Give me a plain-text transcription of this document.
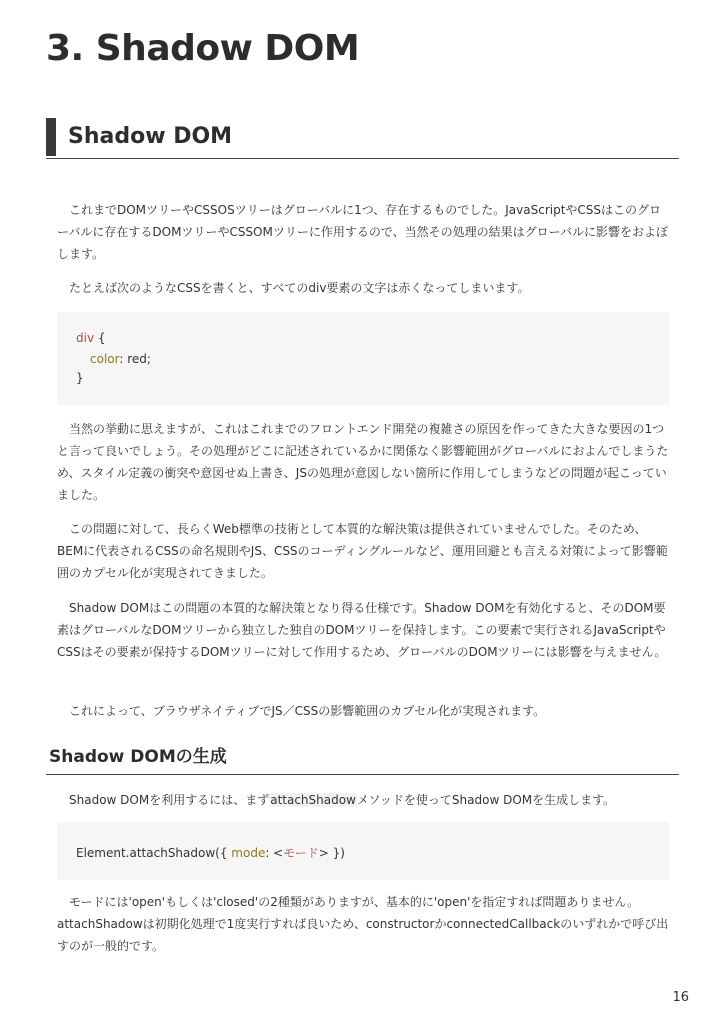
3. Shadow DOM
Shadow DOM

これまでDOMツリーやCSSOSツリーはグローバルに1つ、存在するものでした。JavaScriptやCSSはこのグローバルに存在するDOMツリーやCSSOMツリーに作用するので、当然その処理の結果はグローバルに影響をおよぼします。

たとえば次のようなCSSを書くと、すべてのdiv要素の文字は赤くなってしまいます。

div {
color: red;
}

当然の挙動に思えますが、これはこれまでのフロントエンド開発の複雑さの原因を作ってきた大きな要因の1つと言って良いでしょう。その処理がどこに記述されているかに関係なく影響範囲がグローバルにおよんでしまうため、スタイル定義の衝突や意図せぬ上書き、JSの処理が意図しない箇所に作用してしまうなどの問題が起こっていました。

この問題に対して、長らくWeb標準の技術として本質的な解決策は提供されていませんでした。そのため、BEMに代表されるCSSの命名規則やJS、CSSのコーディングルールなど、運用回避とも言える対策によって影響範囲のカプセル化が実現されてきました。

Shadow DOMはこの問題の本質的な解決策となり得る仕様です。Shadow DOMを有効化すると、そのDOM要素はグローバルなDOMツリーから独立した独自のDOMツリーを保持します。この要素で実行されるJavaScriptやCSSはその要素が保持するDOMツリーに対して作用するため、グローバルのDOMツリーには影響を与えません。

これによって、ブラウザネイティブでJS／CSSの影響範囲のカプセル化が実現されます。

Shadow DOMの生成

Shadow DOMを利用するには、まずattachShadowメソッドを使ってShadow DOMを生成します。

Element.attachShadow({ mode: <モード> })

モードには'open'もしくは'closed'の2種類がありますが、基本的に'open'を指定すれば問題ありません。attachShadowは初期化処理で1度実行すれば良いため、constructorかconnectedCallbackのいずれかで呼び出すのが一般的です。

16
